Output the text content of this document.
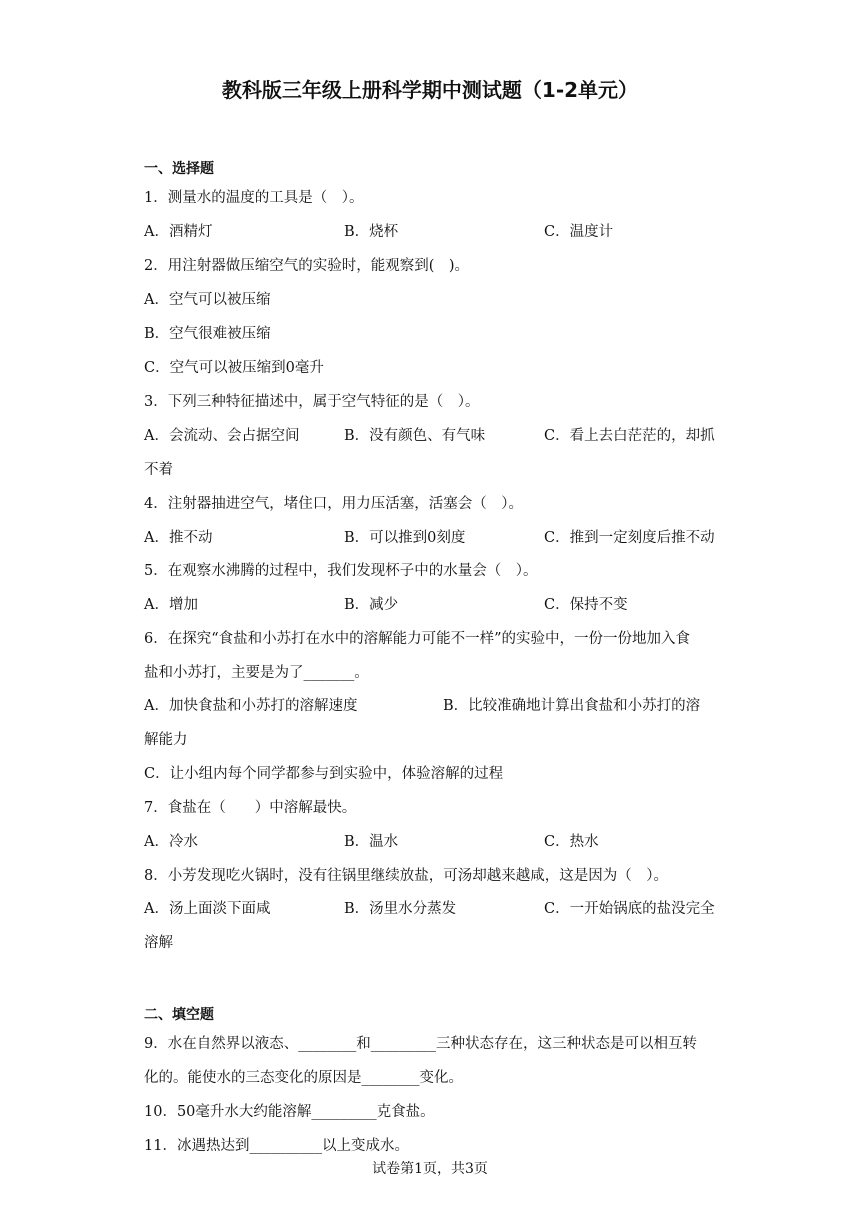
教科版三年级上册科学期中测试题（1-2单元）
一、选择题
1．测量水的温度的工具是（　）。
A．酒精灯	B．烧杯	C．温度计
2．用注射器做压缩空气的实验时，能观察到(　)。
A．空气可以被压缩
B．空气很难被压缩
C．空气可以被压缩到0毫升
3．下列三种特征描述中，属于空气特征的是（　）。
A．会流动、会占据空间	B．没有颜色、有气味	C．看上去白茫茫的，却抓
不着
4．注射器抽进空气，堵住口，用力压活塞，活塞会（　）。
A．推不动	B．可以推到0刻度	C．推到一定刻度后推不动
5．在观察水沸腾的过程中，我们发现杯子中的水量会（　）。
A．增加	B．减少	C．保持不变
6．在探究“食盐和小苏打在水中的溶解能力可能不一样”的实验中，一份一份地加入食
盐和小苏打，主要是为了_______。
A．加快食盐和小苏打的溶解速度	B．比较准确地计算出食盐和小苏打的溶
解能力
C．让小组内每个同学都参与到实验中，体验溶解的过程
7．食盐在（　　）中溶解最快。
A．冷水	B．温水	C．热水
8．小芳发现吃火锅时，没有往锅里继续放盐，可汤却越来越咸，这是因为（　）。
A．汤上面淡下面咸	B．汤里水分蒸发	C．一开始锅底的盐没完全
溶解
二、填空题
9．水在自然界以液态、________和_________三种状态存在，这三种状态是可以相互转
化的。能使水的三态变化的原因是________变化。
10．50毫升水大约能溶解_________克食盐。
11．冰遇热达到__________以上变成水。
试卷第1页，共3页
